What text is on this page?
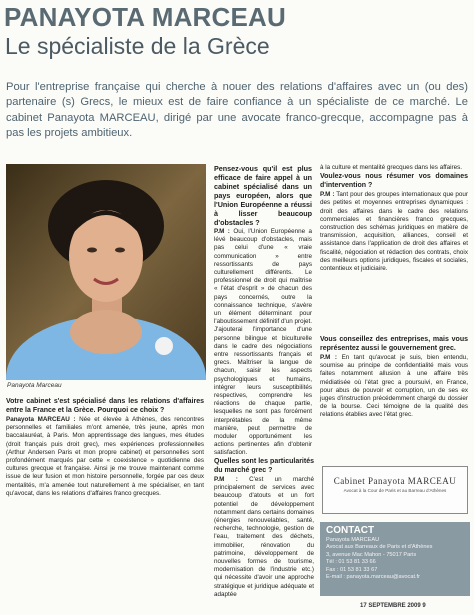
PANAYOTA MARCEAU
Le spécialiste de la Grèce

Pour l'entreprise française qui cherche à nouer des relations d'affaires avec un (ou des) partenaire (s) Grecs, le mieux est de faire confiance à un spécialiste de ce marché. Le cabinet Panayota MARCEAU, dirigé par une avocate franco-grecque, accompagne pas à pas les projets ambitieux.

Panayota Marceau

Votre cabinet s'est spécialisé dans les relations d'affaires entre la France et la Grèce. Pourquoi ce choix ?

Panayota MARCEAU : Née et élevée à Athènes, des rencontres personnelles et familiales m'ont amenée, très jeune, après mon baccalauréat, à Paris. Mon apprentissage des langues, mes études (droit français puis droit grec), mes expériences professionnelles (Arthur Andersen Paris et mon propre cabinet) et personnelles sont profondément marqués par cette « coexistence » quotidienne des cultures grecque et française. Ainsi je me trouve maintenant comme issue de leur fusion et mon histoire personnelle, forgée par ces deux mentalités, m'a amenée tout naturellement à me spécialiser, en tant qu'avocat, dans les relations d'affaires franco grecques.

Pensez-vous qu'il est plus efficace de faire appel à un cabinet spécialisé dans un pays européen, alors que l'Union Européenne a réussi à lisser beaucoup d'obstacles ?

P.M : Oui, l'Union Européenne a lévé beaucoup d'obstacles, mais pas celui d'une « vraie communication » entre ressortissants de pays culturellement différents. Le professionnel de droit qui maîtrise « l'état d'esprit » de chacun des pays concernés, outre la connaissance technique, s'avère un élément déterminant pour l'aboutissement définitif d'un projet. J'ajouterai l'importance d'une personne bilingue et biculturelle dans le cadre des négociations entre ressortissants français et grecs. Maîtriser la langue de chacun, saisir les aspects psychologiques et humains, intégrer leurs susceptibilités respectives, comprendre les réactions de chaque partie, lesquelles ne sont pas forcément interprétables de la même manière, peut permettre de moduler opportunément les actions pertinentes afin d'obtenir satisfaction.

Quelles sont les particularités du marché grec ?

P.M : C'est un marché principalement de services avec beaucoup d'atouts et un fort potentiel de développement notamment dans certains domaines (énergies renouvelables, santé, recherche, technologie, gestion de l'eau, traitement des déchets, immobilier, rénovation du patrimoine, développement de nouvelles formes de tourisme, modernisation de l'industrie etc.) qui nécessite d'avoir une approche stratégique et juridique adéquate et adaptée

à la culture et mentalité grecques dans les affaires.

Voulez-vous nous résumer vos domaines d'intervention ?

P.M : Tant pour des groupes internationaux que pour des petites et moyennes entreprises dynamiques : droit des affaires dans le cadre des relations commerciales et financières franco grecques, construction des schémas juridiques en matière de transmission, acquisition, alliances, conseil et assistance dans l'application de droit des affaires et fiscalité, négociation et rédaction des contrats, choix des meilleurs options juridiques, fiscales et sociales, contentieux et judiciaire.

Vous conseillez des entreprises, mais vous représentez aussi le gouvernement grec.

P.M : En tant qu'avocat je suis, bien entendu, soumise au principe de confidentialité mais vous faites notamment allusion à une affaire très médiatisée où l'état grec a poursuivi, en France, pour abus de pouvoir et corruption, un de ses ex juges d'instruction précédemment chargé du dossier de la bourse. Ceci témoigne de la qualité des relations établies avec l'état grec.

Cabinet Panayota MARCEAU
Avocat à la Cour de Paris et au Barreau d'Athènes
CONTACT
Panayota MARCEAU
Avocat aux Barreaux de Paris et d'Athènes
3, avenue Mac Mahon - 75017 Paris
Tél : 01 53 81 33 66
Fax : 01 53 81 33 67
E-mail : panayota.marceau@avocat.fr
17 SEPTEMBRE 2009 9
